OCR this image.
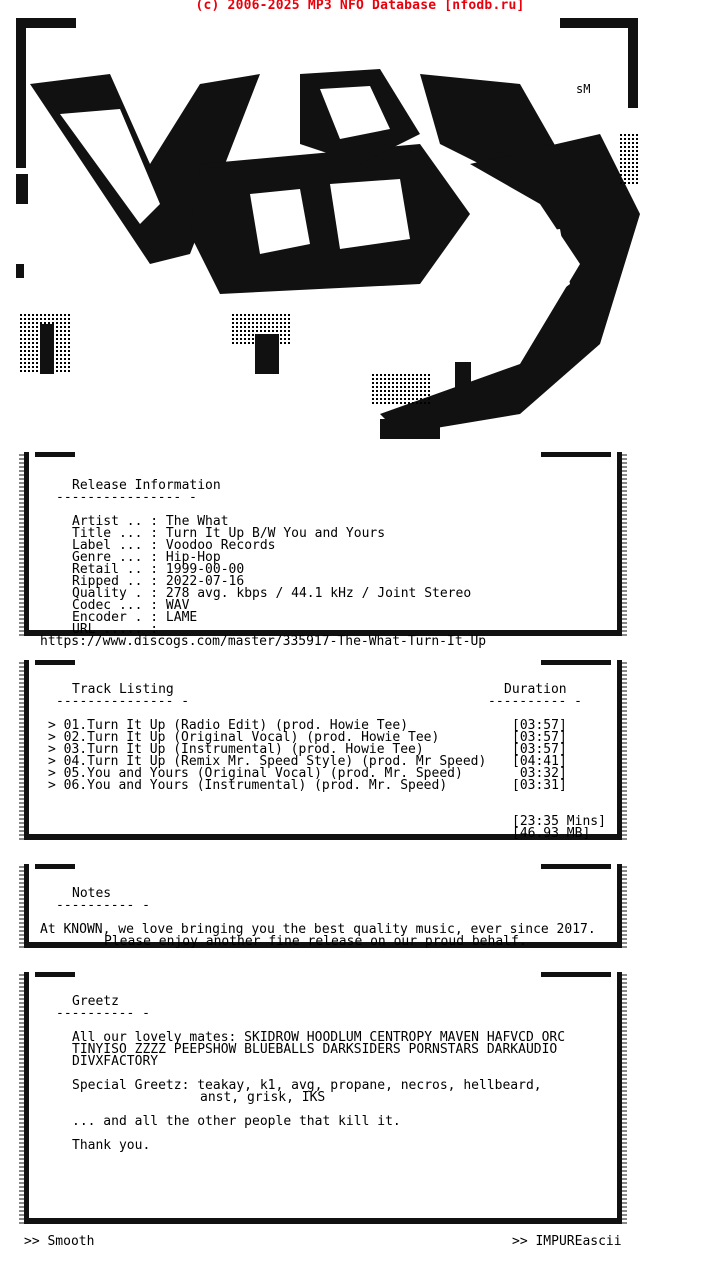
(c) 2006-2025 MP3 NFO Database [nfodb.ru]
sM
Release Information
---------------- -
Artist .. : The What
Title ... : Turn It Up B/W You and Yours
Label ... : Voodoo Records
Genre ... : Hip-Hop
Retail .. : 1999-00-00
Ripped .. : 2022-07-16
Quality . : 278 avg. kbps / 44.1 kHz / Joint Stereo
Codec ... : WAV
Encoder . : LAME
URL ..... :
https://www.discogs.com/master/335917-The-What-Turn-It-Up
Track Listing
--------------- -
Duration
---------- -
> 01.Turn It Up (Radio Edit) (prod. Howie Tee)	[03:57]
> 02.Turn It Up (Original Vocal) (prod. Howie Tee)	[03:57]
> 03.Turn It Up (Instrumental) (prod. Howie Tee)	[03:57]
> 04.Turn It Up (Remix Mr. Speed Style) (prod. Mr Speed) [04:41]
> 05.You and Yours (Original Vocal) (prod. Mr. Speed)	03:32]
> 06.You and Yours (Instrumental) (prod. Mr. Speed)	[03:31]
[23:35 Mins]
[46.93 MB]
Notes
---------- -
At KNOWN, we love bringing you the best quality music, ever since 2017.
Please enjoy another fine release on our proud behalf.
Greetz
---------- -
All our lovely mates: SKIDROW HOODLUM CENTROPY MAVEN HAFVCD ORC
TINYISO ZZZZ PEEPSHOW BLUEBALLS DARKSIDERS PORNSTARS DARKAUDIO
DIVXFACTORY
Special Greetz: teakay, k1, avg, propane, necros, hellbeard,
anst, grisk, IKS
... and all the other people that kill it.
Thank you.
>> Smooth	>> IMPUREascii
